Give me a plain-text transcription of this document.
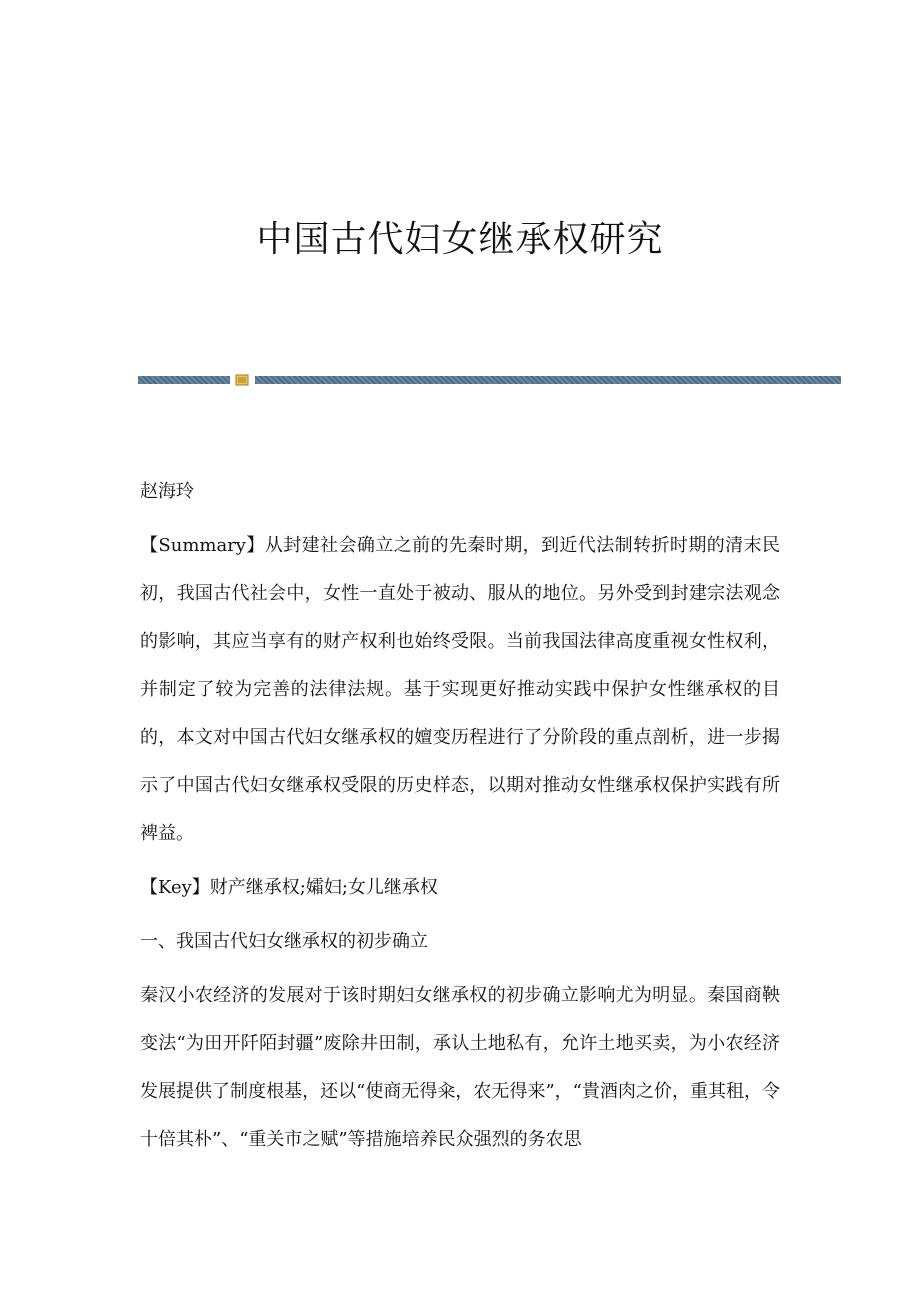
中国古代妇女继承权研究

赵海玲

【Summary】从封建社会确立之前的先秦时期，到近代法制转折时期的清末民初，我国古代社会中，女性一直处于被动、服从的地位。另外受到封建宗法观念的影响，其应当享有的财产权利也始终受限。当前我国法律高度重视女性权利，并制定了较为完善的法律法规。基于实现更好推动实践中保护女性继承权的目的，本文对中国古代妇女继承权的嬗变历程进行了分阶段的重点剖析，进一步揭示了中国古代妇女继承权受限的历史样态，以期对推动女性继承权保护实践有所裨益。

【Key】财产继承权;孀妇;女儿继承权

一、我国古代妇女继承权的初步确立

秦汉小农经济的发展对于该时期妇女继承权的初步确立影响尤为明显。秦国商鞅变法“为田开阡陌封疆”废除井田制，承认土地私有，允许土地买卖，为小农经济发展提供了制度根基，还以“使商无得籴，农无得来”，“貴酒肉之价，重其租，令十倍其朴”、“重关市之赋”等措施培养民众强烈的务农思
